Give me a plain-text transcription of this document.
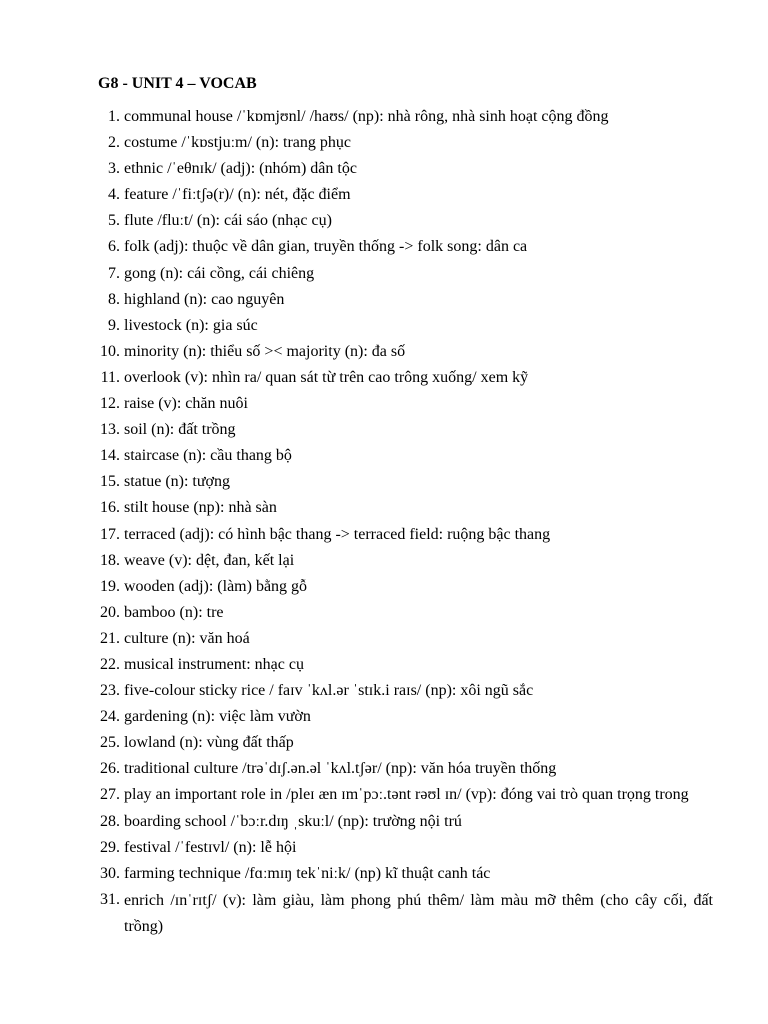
G8 - UNIT 4 – VOCAB
1. communal house /ˈkɒmjʊnl/ /haʊs/ (np): nhà rông, nhà sinh hoạt cộng đồng
2. costume /ˈkɒstjuːm/ (n): trang phục
3. ethnic /ˈeθnɪk/ (adj): (nhóm) dân tộc
4. feature /ˈfiːtʃə(r)/ (n): nét, đặc điểm
5. flute /fluːt/ (n): cái sáo (nhạc cụ)
6. folk (adj): thuộc về dân gian, truyền thống -> folk song: dân ca
7. gong (n): cái cồng, cái chiêng
8. highland (n): cao nguyên
9. livestock (n): gia súc
10. minority (n): thiểu số >< majority (n): đa số
11. overlook (v): nhìn ra/ quan sát từ trên cao trông xuống/ xem kỹ
12. raise (v): chăn nuôi
13. soil (n): đất trồng
14. staircase (n): cầu thang bộ
15. statue (n): tượng
16. stilt house (np): nhà sàn
17. terraced (adj): có hình bậc thang -> terraced field: ruộng bậc thang
18. weave (v): dệt, đan, kết lại
19. wooden (adj): (làm) bằng gỗ
20. bamboo (n): tre
21. culture (n): văn hoá
22. musical instrument: nhạc cụ
23. five-colour sticky rice / faɪv ˈkʌl.ər ˈstɪk.i raɪs/ (np): xôi ngũ sắc
24. gardening (n): việc làm vườn
25. lowland (n): vùng đất thấp
26. traditional culture /trəˈdɪʃ.ən.əl ˈkʌl.tʃər/ (np): văn hóa truyền thống
27. play an important role in /pleɪ æn ɪmˈpɔː.tənt rəʊl ɪn/ (vp): đóng vai trò quan trọng trong
28. boarding school /ˈbɔːr.dɪŋ ˌskuːl/ (np): trường nội trú
29. festival /ˈfestɪvl/ (n): lễ hội
30. farming technique /fɑːmɪŋ tekˈniːk/ (np) kĩ thuật canh tác
31. enrich /ɪnˈrɪtʃ/ (v): làm giàu, làm phong phú thêm/ làm màu mỡ thêm (cho cây cối, đất trồng)
